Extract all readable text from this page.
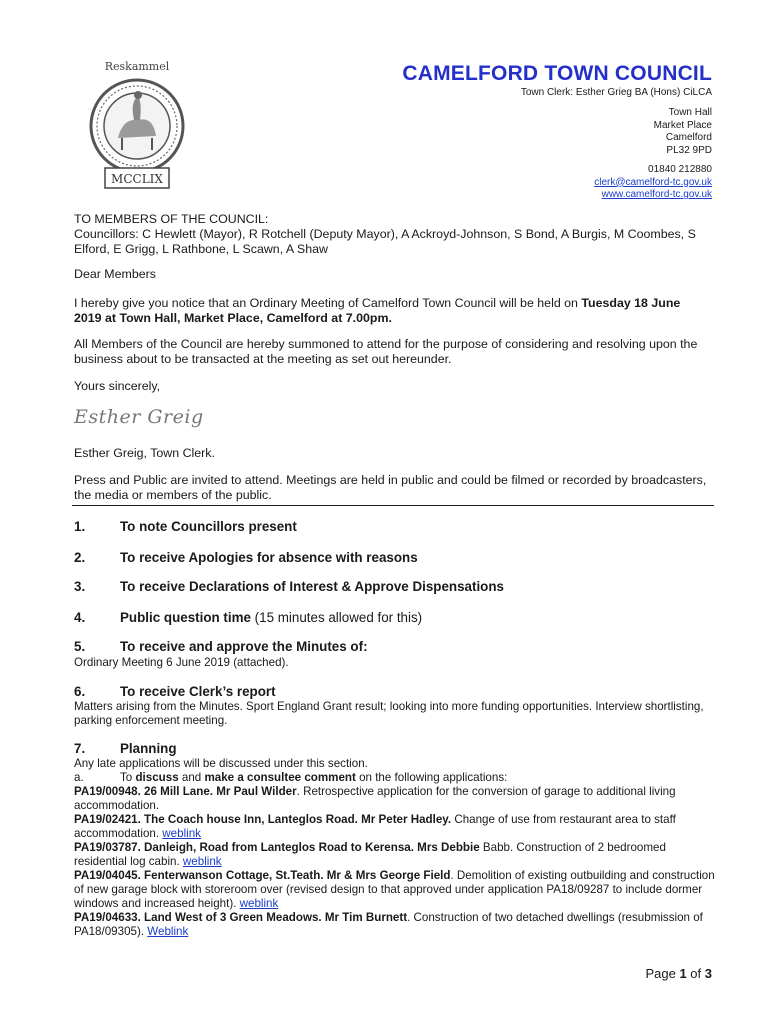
Reskammel
MCCLIX
CAMELFORD TOWN COUNCIL
Town Clerk: Esther Grieg BA (Hons) CiLCA
Town Hall
Market Place
Camelford
PL32 9PD
01840 212880
clerk@camelford-tc.gov.uk
www.camelford-tc.gov.uk
TO MEMBERS OF THE COUNCIL:
Councillors: C Hewlett (Mayor), R Rotchell (Deputy Mayor), A Ackroyd-Johnson, S Bond, A Burgis, M Coombes, S Elford, E Grigg, L Rathbone, L Scawn, A Shaw
Dear Members
I hereby give you notice that an Ordinary Meeting of Camelford Town Council will be held on Tuesday 18 June
2019 at Town Hall, Market Place, Camelford at 7.00pm.
All Members of the Council are hereby summoned to attend for the purpose of considering and resolving upon the business about to be transacted at the meeting as set out hereunder.
Yours sincerely,
Esther Greig
Esther Greig, Town Clerk.
Press and Public are invited to attend. Meetings are held in public and could be filmed or recorded by broadcasters, the media or members of the public.
1.	To note Councillors present
2.	To receive Apologies for absence with reasons
3.	To receive Declarations of Interest & Approve Dispensations
4.	Public question time (15 minutes allowed for this)
5.	To receive and approve the Minutes of:
Ordinary Meeting 6 June 2019 (attached).
6.	To receive Clerk’s report
Matters arising from the Minutes. Sport England Grant result; looking into more funding opportunities. Interview shortlisting, parking enforcement meeting.
7.	Planning
Any late applications will be discussed under this section.
a.	To discuss and make a consultee comment on the following applications:
PA19/00948. 26 Mill Lane. Mr Paul Wilder. Retrospective application for the conversion of garage to additional living accommodation.
PA19/02421. The Coach house Inn, Lanteglos Road. Mr Peter Hadley. Change of use from restaurant area to staff accommodation. weblink
PA19/03787. Danleigh, Road from Lanteglos Road to Kerensa. Mrs Debbie Babb. Construction of 2 bedroomed residential log cabin. weblink
PA19/04045. Fenterwanson Cottage, St.Teath. Mr & Mrs George Field. Demolition of existing outbuilding and construction of new garage block with storeroom over (revised design to that approved under application PA18/09287 to include dormer windows and increased height). weblink
PA19/04633. Land West of 3 Green Meadows. Mr Tim Burnett. Construction of two detached dwellings (resubmission of PA18/09305). Weblink
Page 1 of 3
